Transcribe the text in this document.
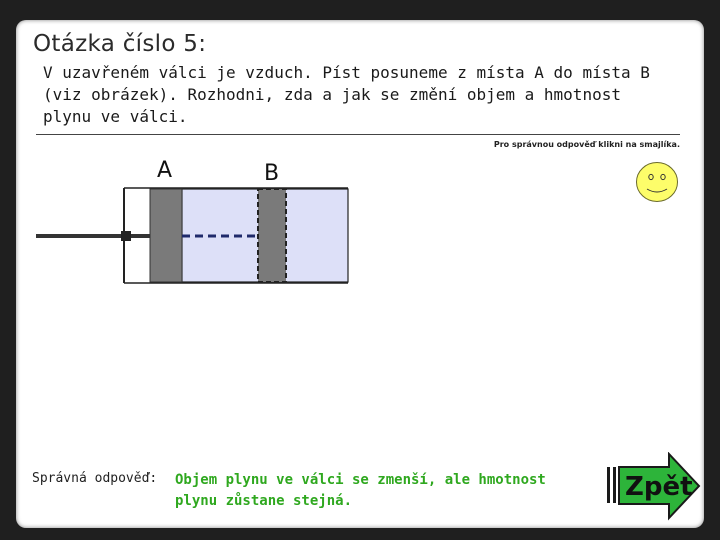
Otázka číslo 5:
V uzavřeném válci je vzduch. Píst posuneme z místa A do místa B (viz obrázek). Rozhodni, zda a jak se změní objem a hmotnost plynu ve válci.
Pro správnou odpověď klikni na smajlíka.
A	B
Správná odpověď: Objem plynu ve válci se zmenší, ale hmotnost plynu zůstane stejná.	Zpět
